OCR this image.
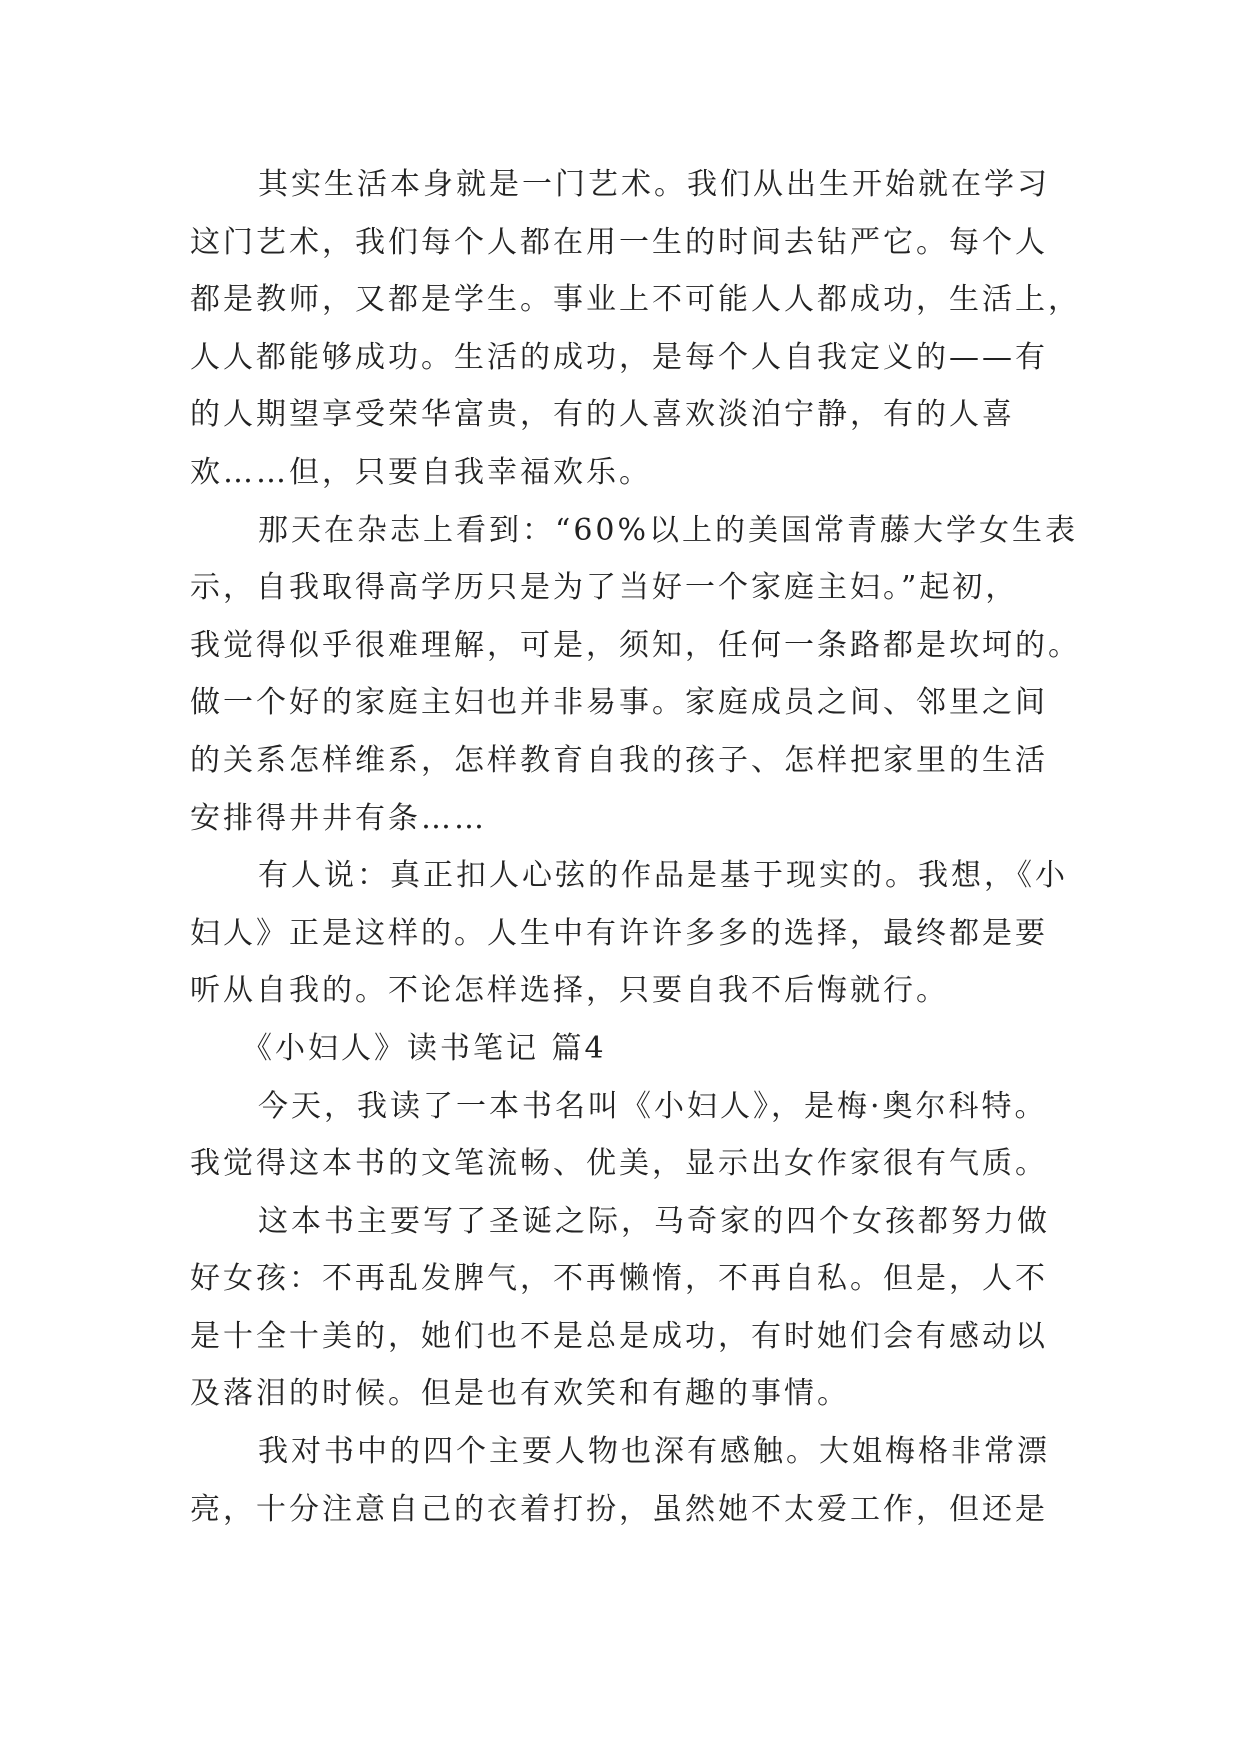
其实生活本身就是一门艺术。我们从出生开始就在学习
这门艺术，我们每个人都在用一生的时间去钻严它。每个人
都是教师，又都是学生。事业上不可能人人都成功，生活上，
人人都能够成功。生活的成功，是每个人自我定义的——有
的人期望享受荣华富贵，有的人喜欢淡泊宁静，有的人喜
欢……但，只要自我幸福欢乐。
那天在杂志上看到：“60%以上的美国常青藤大学女生表
示，自我取得高学历只是为了当好一个家庭主妇。”起初，
我觉得似乎很难理解，可是，须知，任何一条路都是坎坷的。
做一个好的家庭主妇也并非易事。家庭成员之间、邻里之间
的关系怎样维系，怎样教育自我的孩子、怎样把家里的生活
安排得井井有条……
有人说：真正扣人心弦的作品是基于现实的。我想，《小
妇人》正是这样的。人生中有许许多多的选择，最终都是要
听从自我的。不论怎样选择，只要自我不后悔就行。
《小妇人》读书笔记 篇4
今天，我读了一本书名叫《小妇人》，是梅·奥尔科特。
我觉得这本书的文笔流畅、优美，显示出女作家很有气质。
这本书主要写了圣诞之际，马奇家的四个女孩都努力做
好女孩：不再乱发脾气，不再懒惰，不再自私。但是，人不
是十全十美的，她们也不是总是成功，有时她们会有感动以
及落泪的时候。但是也有欢笑和有趣的事情。
我对书中的四个主要人物也深有感触。大姐梅格非常漂
亮，十分注意自己的衣着打扮，虽然她不太爱工作，但还是
